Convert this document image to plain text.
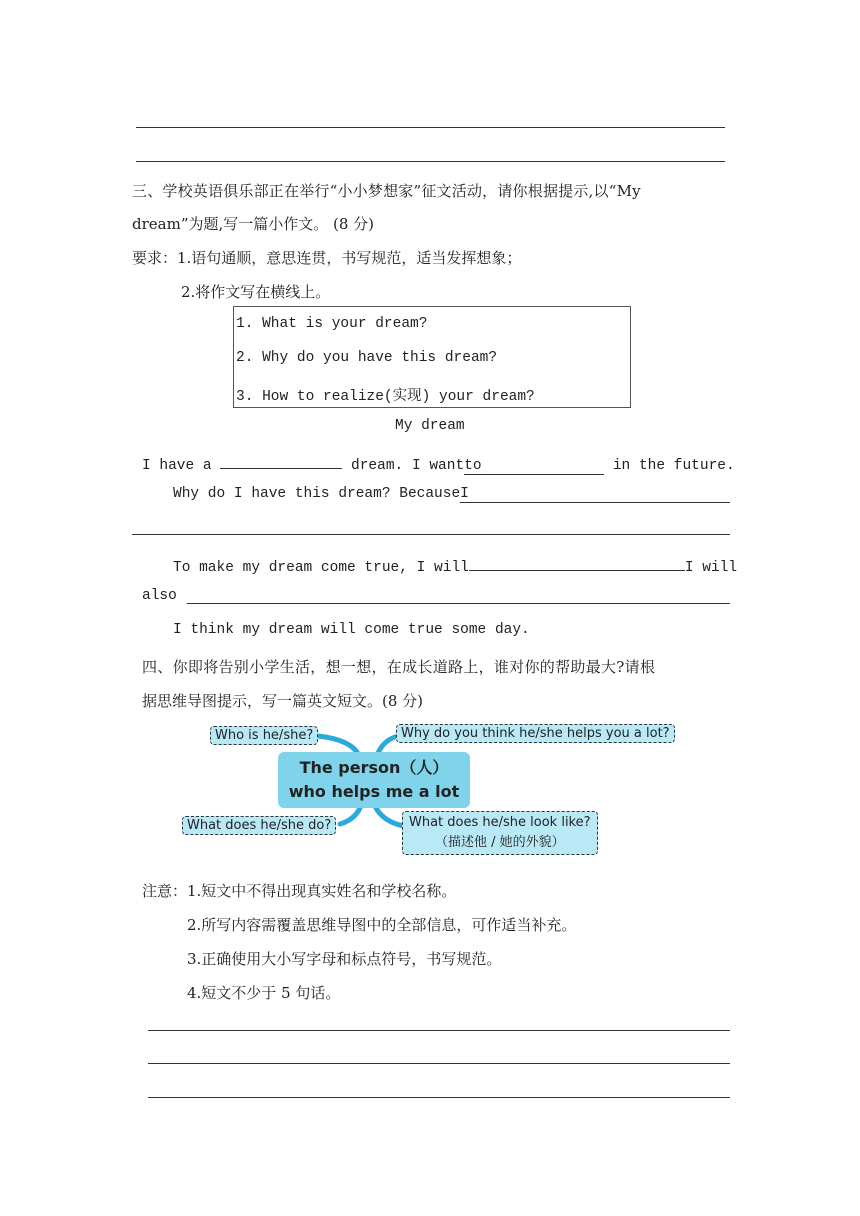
三、学校英语俱乐部正在举行“小小梦想家”征文活动，请你根据提示,以“My
dream”为题,写一篇小作文。 (8 分)
要求：1.语句通顺，意思连贯，书写规范，适当发挥想象；
2.将作文写在横线上。
1. What is your dream?
2. Why do you have this dream?
3. How to realize(实现) your dream?
My dream
I have a	dream. I wantto	in the future.
Why do I have this dream? BecauseI
To make my dream come true, I will	I will
also
I think my dream will come true some day.
四、你即将告别小学生活，想一想，在成长道路上，谁对你的帮助最大?请根
据思维导图提示，写一篇英文短文。(8 分)
The person（人）
who helps me a lot
Who is he/she?	Why do you think he/she helps you a lot?
What does he/she do?	What does he/she look like?
（描述他 / 她的外貌）
注意：1.短文中不得出现真实姓名和学校名称。
2.所写内容需覆盖思维导图中的全部信息，可作适当补充。
3.正确使用大小写字母和标点符号，书写规范。
4.短文不少于 5 句话。
